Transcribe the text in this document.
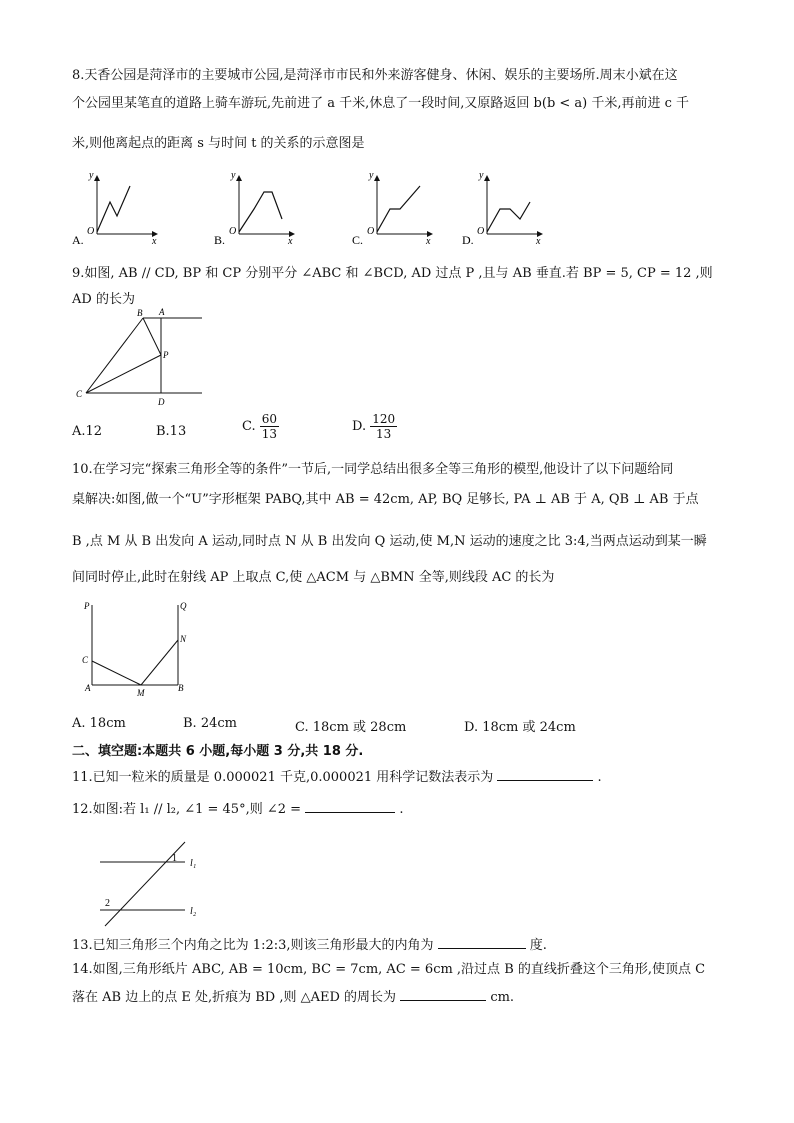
8.天香公园是菏泽市的主要城市公园,是菏泽市市民和外来游客健身、休闲、娱乐的主要场所.周末小斌在这
个公园里某笔直的道路上骑车游玩,先前进了 a 千米,休息了一段时间,又原路返回 b(b < a) 千米,再前进 c 千
米,则他离起点的距离 s 与时间 t 的关系的示意图是
y
x
O
A.
y
x
O
B.
y
x
O
C.
y
x
O
D.
9.如图, AB // CD, BP 和 CP 分别平分 ∠ABC 和 ∠BCD, AD 过点 P ,且与 AB 垂直.若 BP = 5, CP = 12 ,则
AD 的长为
B A
P
C
D
A.12	B.13	C. $\frac{60}{13}$	D. $\frac{120}{13}$
10.在学习完“探索三角形全等的条件”一节后,一同学总结出很多全等三角形的模型,他设计了以下问题给同
桌解决:如图,做一个“U”字形框架 PABQ,其中 AB = 42cm, AP, BQ 足够长, PA ⊥ AB 于 A, QB ⊥ AB 于点
B ,点 M 从 B 出发向 A 运动,同时点 N 从 B 出发向 Q 运动,使 M,N 运动的速度之比 3:4,当两点运动到某一瞬
间同时停止,此时在射线 AP 上取点 C,使 △ACM 与 △BMN 全等,则线段 AC 的长为
P	Q
N
C
A	M	B
A. 18cm	B. 24cm	C. 18cm 或 28cm	D. 18cm 或 24cm
二、填空题:本题共 6 小题,每小题 3 分,共 18 分.
11.已知一粒米的质量是 0.000021 千克,0.000021 用科学记数法表示为	.
12.如图:若 l₁ // l₂, ∠1 = 45°,则 ∠2 =	.
1
2
l₁
l₂
13.已知三角形三个内角之比为 1:2:3,则该三角形最大的内角为	度.
14.如图,三角形纸片 ABC, AB = 10cm, BC = 7cm, AC = 6cm ,沿过点 B 的直线折叠这个三角形,使顶点 C
落在 AB 边上的点 E 处,折痕为 BD ,则 △AED 的周长为	cm.
